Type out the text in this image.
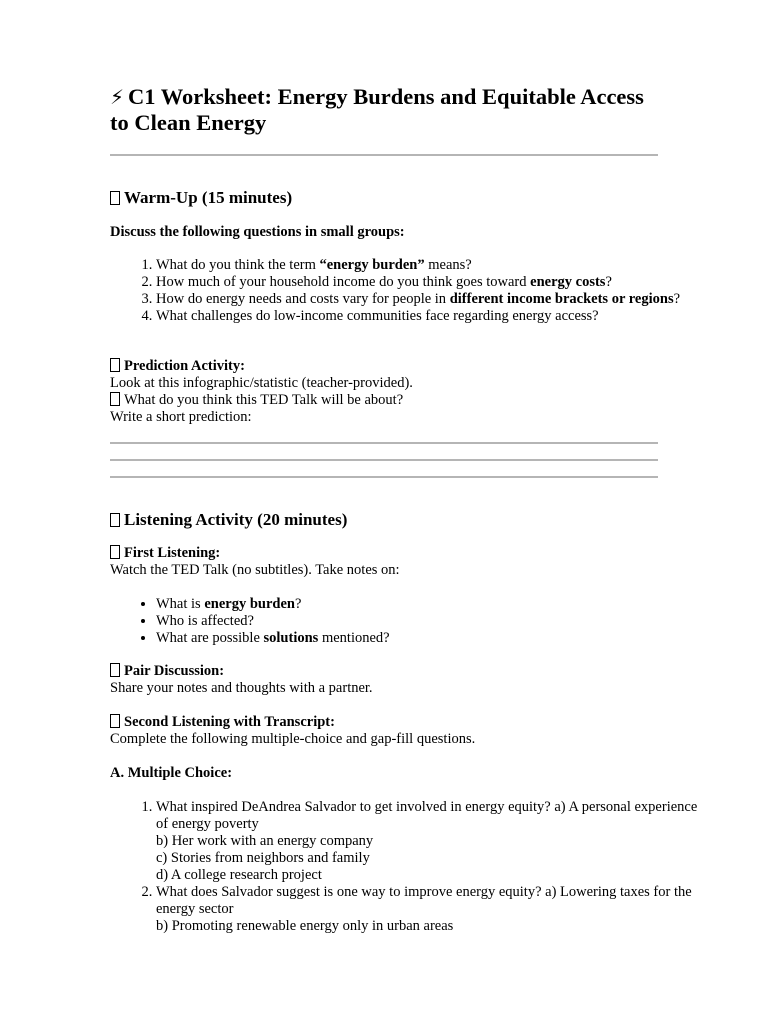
⚡ C1 Worksheet: Energy Burdens and Equitable Access to Clean Energy
Warm-Up (15 minutes)
Discuss the following questions in small groups:
1. What do you think the term “energy burden” means?
2. How much of your household income do you think goes toward energy costs?
3. How do energy needs and costs vary for people in different income brackets or regions?
4. What challenges do low-income communities face regarding energy access?
Prediction Activity:
Look at this infographic/statistic (teacher-provided).
What do you think this TED Talk will be about?
Write a short prediction:
Listening Activity (20 minutes)
First Listening:
Watch the TED Talk (no subtitles). Take notes on:
• What is energy burden?
• Who is affected?
• What are possible solutions mentioned?
Pair Discussion:
Share your notes and thoughts with a partner.
Second Listening with Transcript:
Complete the following multiple-choice and gap-fill questions.
A. Multiple Choice:
1. What inspired DeAndrea Salvador to get involved in energy equity? a) A personal experience of energy poverty
b) Her work with an energy company
c) Stories from neighbors and family
d) A college research project
2. What does Salvador suggest is one way to improve energy equity? a) Lowering taxes for the energy sector
b) Promoting renewable energy only in urban areas
